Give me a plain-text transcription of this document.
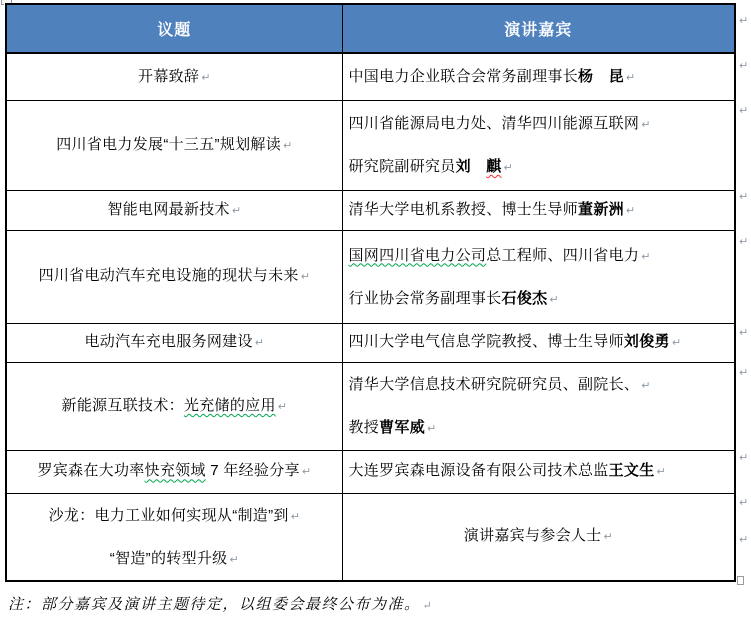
议题	演讲嘉宾

开幕致辞 ↵	中国电力企业联合会常务副理事长杨　昆 ↵

四川省电力发展“十三五”规划解读 ↵	四川省能源局电力处、清华四川能源互联网 ↵
研究院副研究员刘　麒 ↵

智能电网最新技术 ↵	清华大学电机系教授、博士生导师董新洲 ↵

四川省电动汽车充电设施的现状与未来 ↵	国网四川省电力公司总工程师、四川省电力 ↵
行业协会常务副理事长石俊杰 ↵

电动汽车充电服务网建设 ↵	四川大学电气信息学院教授、博士生导师刘俊勇 ↵

新能源互联技术：光充储的应用 ↵	清华大学信息技术研究院研究员、副院长、 ↵
教授曹军威 ↵

罗宾森在大功率快充领域 7 年经验分享 ↵	大连罗宾森电源设备有限公司技术总监王文生 ↵

沙龙：电力工业如何实现从“制造”到 ↵
“智造”的转型升级 ↵	演讲嘉宾与参会人士 ↵
↵
↵
↵
↵
↵
↵
↵
↵
↵
↵
注：部分嘉宾及演讲主题待定，以组委会最终公布为准。 ↵
